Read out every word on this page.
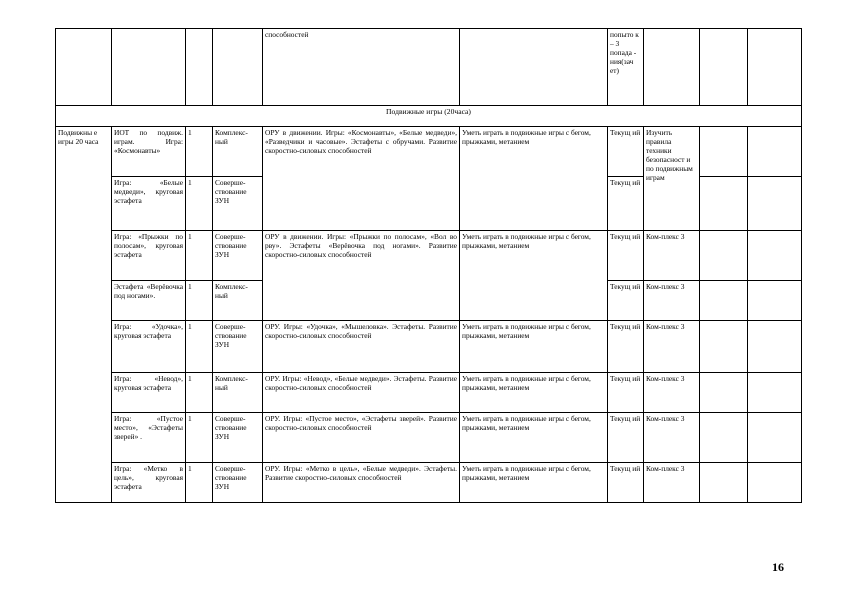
				способностей		попыто к – 3 попада - ния(зач ет)			
Подвижные игры (20часа)									
Подвижны е игры 20 часа	ИОТ по подвиж. играм. Игра: «Космонавты»	1	Комплекс-ный	ОРУ в движении. Игры: «Космонавты», «Белые медведи», «Разведчики и часовые». Эстафеты с обручами. Развитие скоростно-силовых способностей	Уметь играть в подвижные игры с бегом, прыжками, метанием	Текущ ий	Изучить правила техники безопасност и по подвижным играм		
	Игра: «Белые медведи», круговая эстафета	1	Соверше-ствование ЗУН			Текущ ий			
	Игра: «Прыжки по полосам», круговая эстафета	1	Соверше-ствование ЗУН	ОРУ в движении. Игры: «Прыжки по полосам», «Вол во рву». Эстафеты «Верёвочка под ногами». Развитие скоростно-силовых способностей	Уметь играть в подвижные игры с бегом, прыжками, метанием	Текущ ий	Ком-плекс 3		
	Эстафета «Верёвочка под ногами».	1	Комплекс-ный			Текущ ий	Ком-плекс 3		
	Игра: «Удочка», круговая эстафета	1	Соверше-ствование ЗУН	ОРУ. Игры: «Удочка», «Мышеловка». Эстафеты. Развитие скоростно-силовых способностей	Уметь играть в подвижные игры с бегом, прыжками, метанием	Текущ ий	Ком-плекс 3		
	Игра: «Невод», круговая эстафета	1	Комплекс-ный	ОРУ. Игры: «Невод», «Белые медведи». Эстафеты. Развитие скоростно-силовых способностей	Уметь играть в подвижные игры с бегом, прыжками, метанием	Текущ ий	Ком-плекс 3		
	Игра: «Пустое место», «Эстафеты зверей» .	1	Соверше-ствование ЗУН	ОРУ. Игры: «Пустое место», «Эстафеты зверей». Развитие скоростно-силовых способностей	Уметь играть в подвижные игры с бегом, прыжками, метанием	Текущ ий	Ком-плекс 3		
	Игра: «Метко в цель», круговая эстафета	1	Соверше-ствование ЗУН	ОРУ. Игры: «Метко в цель», «Белые медведи». Эстафеты. Развитие скоростно-силовых способностей	Уметь играть в подвижные игры с бегом, прыжками, метанием	Текущ ий	Ком-плекс 3		
16
